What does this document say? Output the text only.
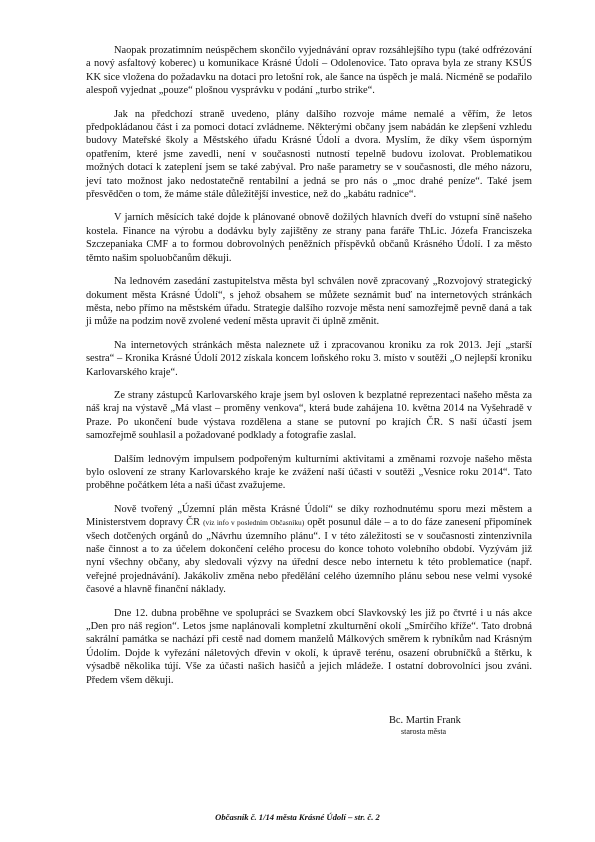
Naopak prozatimním neúspěchem skončilo vyjednávání oprav rozsáhlejšího typu (také odfrézování a nový asfaltový koberec) u komunikace Krásné Údolí – Odolenovice. Tato oprava byla ze strany KSÚS KK sice vložena do požadavku na dotaci pro letošní rok, ale šance na úspěch je malá. Nicméně se podařilo alespoň vyjednat „pouze“ plošnou vysprávku v podání „turbo strike“.

Jak na předchozí straně uvedeno, plány dalšího rozvoje máme nemalé a věřím, že letos předpokládanou část i za pomoci dotací zvládneme. Některými občany jsem nabádán ke zlepšení vzhledu budovy Mateřské školy a Městského úřadu Krásné Údolí a dvora. Myslím, že díky všem úsporným opatřením, které jsme zavedli, není v současnosti nutností tepelně budovu izolovat. Problematikou možných dotací k zateplení jsem se také zabýval. Pro naše parametry se v současnosti, dle mého názoru, jeví tato možnost jako nedostatečně rentabilní a jedná se pro nás o „moc drahé peníze“. Také jsem přesvědčen o tom, že máme stále důležitější investice, než do „kabátu radnice“.

V jarních měsících také dojde k plánované obnově dožilých hlavních dveří do vstupní síně našeho kostela. Finance na výrobu a dodávku byly zajištěny ze strany pana faráře ThLic. Józefa Franciszeka Szczepaniaka CMF a to formou dobrovolných peněžních příspěvků občanů Krásného Údolí. I za město těmto našim spoluobčanům děkuji.

Na lednovém zasedání zastupitelstva města byl schválen nově zpracovaný „Rozvojový strategický dokument města Krásné Údolí“, s jehož obsahem se můžete seznámit buď na internetových stránkách města, nebo přímo na městském úřadu. Strategie dalšího rozvoje města není samozřejmě pevně daná a tak ji může na podzim nově zvolené vedení města upravit či úplně změnit.

Na internetových stránkách města naleznete už i zpracovanou kroniku za rok 2013. Její „starší sestra“ – Kronika Krásné Údolí 2012 získala koncem loňského roku 3. místo v soutěži „O nejlepší kroniku Karlovarského kraje“.

Ze strany zástupců Karlovarského kraje jsem byl osloven k bezplatné reprezentaci našeho města za náš kraj na výstavě „Má vlast – proměny venkova“, která bude zahájena 10. května 2014 na Vyšehradě v Praze. Po ukončení bude výstava rozdělena a stane se putovní po krajích ČR. S naší účastí jsem samozřejmě souhlasil a požadované podklady a fotografie zaslal.

Dalším lednovým impulsem podpořeným kulturními aktivitami a změnami rozvoje našeho města bylo oslovení ze strany Karlovarského kraje ke zvážení naší účasti v soutěži „Vesnice roku 2014“. Tato proběhne počátkem léta a naši účast zvažujeme.

Nově tvořený „Územní plán města Krásné Údolí“ se díky rozhodnutému sporu mezi městem a Ministerstvem dopravy ČR (viz info v posledním Občasníku) opět posunul dále – a to do fáze zanesení připomínek všech dotčených orgánů do „Návrhu územního plánu“. I v této záležitosti se v současnosti zintenzivnila naše činnost a to za účelem dokončení celého procesu do konce tohoto volebního období. Vyzývám již nyní všechny občany, aby sledovali výzvy na úřední desce nebo internetu k této problematice (např. veřejné projednávání). Jakákoliv změna nebo předělání celého územního plánu sebou nese velmi vysoké časové a hlavně finanční náklady.

Dne 12. dubna proběhne ve spolupráci se Svazkem obcí Slavkovský les již po čtvrté i u nás akce „Den pro náš region“. Letos jsme naplánovali kompletní zkulturnění okolí „Smírčího kříže“. Tato drobná sakrální památka se nachází při cestě nad domem manželů Málkových směrem k rybníkům nad Krásným Údolím. Dojde k vyřezání náletových dřevin v okolí, k úpravě terénu, osazení obrubníčků a štěrku, k výsadbě několika tújí. Vše za účasti našich hasičů a jejich mládeže. I ostatní dobrovolníci jsou zváni. Předem všem děkuji.

Bc. Martin Frank
starosta města
Občasník č. 1/14 města Krásné Údolí – str. č. 2
